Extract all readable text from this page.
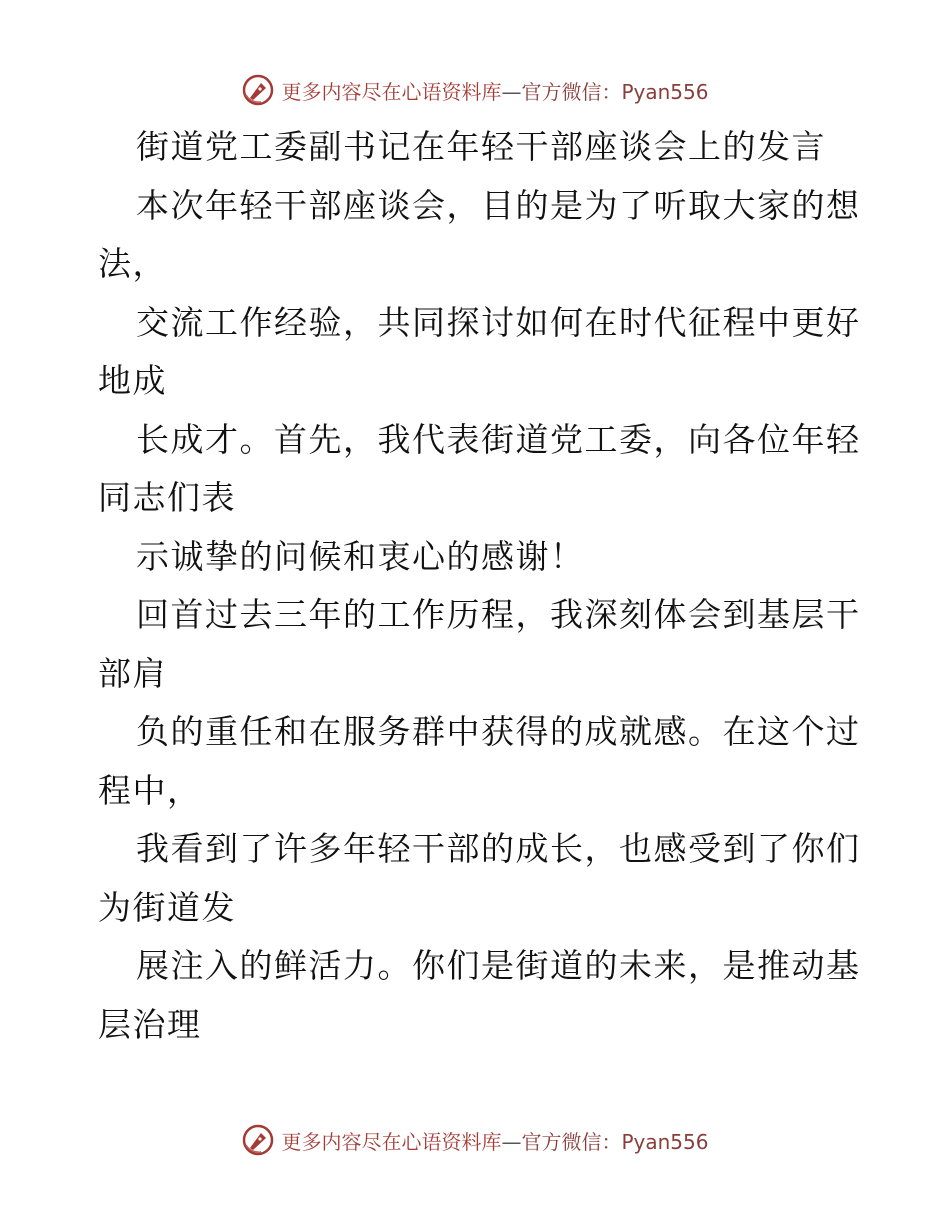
更多内容尽在心语资料库—官方微信：Pyan556
街道党工委副书记在年轻干部座谈会上的发言
本次年轻干部座谈会，目的是为了听取大家的想
法，
交流工作经验，共同探讨如何在时代征程中更好
地成
长成才。首先，我代表街道党工委，向各位年轻
同志们表
示诚挚的问候和衷心的感谢！
回首过去三年的工作历程，我深刻体会到基层干
部肩
负的重任和在服务群中获得的成就感。在这个过
程中，
我看到了许多年轻干部的成长，也感受到了你们
为街道发
展注入的鲜活力。你们是街道的未来，是推动基
层治理
更多内容尽在心语资料库—官方微信：Pyan556
